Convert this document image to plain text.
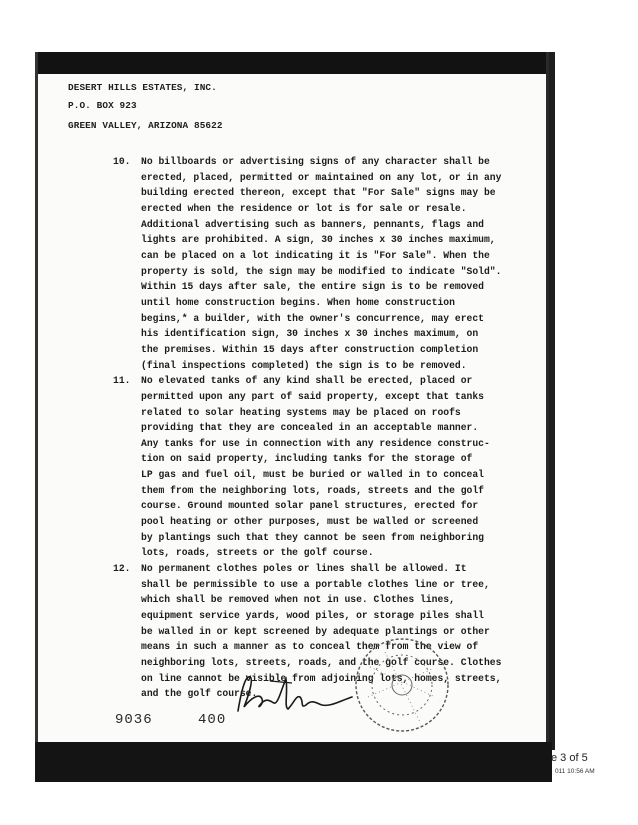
DESERT HILLS ESTATES, INC.
P.O. BOX 923
GREEN VALLEY, ARIZONA 85622
10. No billboards or advertising signs of any character shall be
erected, placed, permitted or maintained on any lot, or in any
building erected thereon, except that "For Sale" signs may be
erected when the residence or lot is for sale or resale.
Additional advertising such as banners, pennants, flags and
lights are prohibited. A sign, 30 inches x 30 inches maximum,
can be placed on a lot indicating it is "For Sale". When the
property is sold, the sign may be modified to indicate "Sold".
Within 15 days after sale, the entire sign is to be removed
until home construction begins. When home construction
begins,* a builder, with the owner's concurrence, may erect
his identification sign, 30 inches x 30 inches maximum, on
the premises. Within 15 days after construction completion
(final inspections completed) the sign is to be removed.
11. No elevated tanks of any kind shall be erected, placed or
permitted upon any part of said property, except that tanks
related to solar heating systems may be placed on roofs
providing that they are concealed in an acceptable manner.
Any tanks for use in connection with any residence construc-
tion on said property, including tanks for the storage of
LP gas and fuel oil, must be buried or walled in to conceal
them from the neighboring lots, roads, streets and the golf
course. Ground mounted solar panel structures, erected for
pool heating or other purposes, must be walled or screened
by plantings such that they cannot be seen from neighboring
lots, roads, streets or the golf course.
12. No permanent clothes poles or lines shall be allowed. It
shall be permissible to use a portable clothes line or tree,
which shall be removed when not in use. Clothes lines,
equipment service yards, wood piles, or storage piles shall
be walled in or kept screened by adequate plantings or other
means in such a manner as to conceal them from the view of
neighboring lots, streets, roads, and the golf course. Clothes
on line cannot be visible from adjoining lots, homes, streets,
and the golf course.
9036	400
e 3 of 5
011 10:56 AM
